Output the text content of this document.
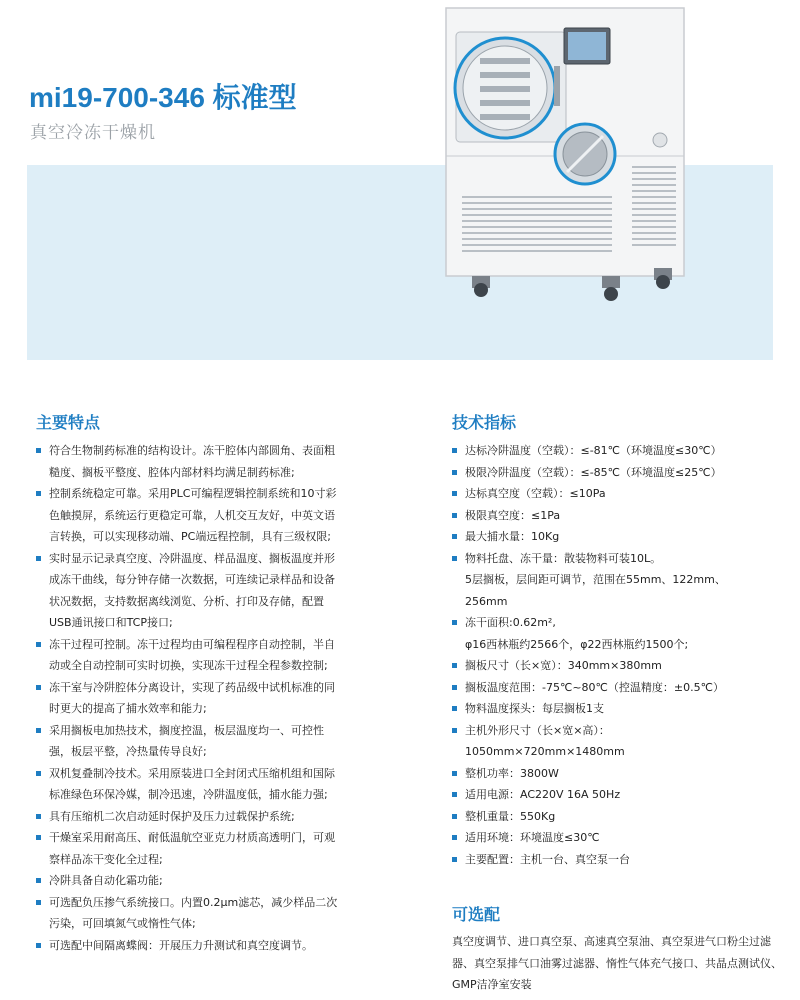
mi19-700-346 标准型
真空冷冻干燥机
主要特点
符合生物制药标准的结构设计。冻干腔体内部圆角、表面粗
糙度、搁板平整度、腔体内部材料均满足制药标准;
控制系统稳定可靠。采用PLC可编程逻辑控制系统和10寸彩
色触摸屏，系统运行更稳定可靠，人机交互友好，中英文语
言转换，可以实现移动端、PC端远程控制，具有三级权限;
实时显示记录真空度、冷阱温度、样品温度、搁板温度并形
成冻干曲线，每分钟存储一次数据，可连续记录样品和设备
状况数据，支持数据离线浏览、分析、打印及存储，配置
USB通讯接口和TCP接口;
冻干过程可控制。冻干过程均由可编程程序自动控制，半自
动或全自动控制可实时切换，实现冻干过程全程参数控制;
冻干室与冷阱腔体分离设计，实现了药品级中试机标准的同
时更大的提高了捕水效率和能力;
采用搁板电加热技术，搁度控温，板层温度均一、可控性
强，板层平整，冷热量传导良好;
双机复叠制冷技术。采用原装进口全封闭式压缩机组和国际
标准绿色环保冷媒，制冷迅速，冷阱温度低，捕水能力强;
具有压缩机二次启动延时保护及压力过载保护系统;
干燥室采用耐高压、耐低温航空亚克力材质高透明门，可观
察样品冻干变化全过程;
冷阱具备自动化霜功能;
可选配负压掺气系统接口。内置0.2μm滤芯，减少样品二次
污染，可回填氮气或惰性气体;
可选配中间隔离蝶阀：开展压力升测试和真空度调节。
技术指标
达标冷阱温度（空载）：≤-81℃（环境温度≤30℃）
极限冷阱温度（空载）：≤-85℃（环境温度≤25℃）
达标真空度（空载）：≤10Pa
极限真空度：≤1Pa
最大捕水量：10Kg
物料托盘、冻干量：散装物料可装10L。
5层搁板，层间距可调节，范围在55mm、122mm、
256mm
冻干面积:0.62m²,
φ16西林瓶约2566个，φ22西林瓶约1500个;
搁板尺寸（长×宽）：340mm×380mm
搁板温度范围：-75℃~80℃（控温精度：±0.5℃）
物料温度探头：每层搁板1支
主机外形尺寸（长×宽×高）：
1050mm×720mm×1480mm
整机功率：3800W
适用电源：AC220V 16A 50Hz
整机重量：550Kg
适用环境：环境温度≤30℃
主要配置：主机一台、真空泵一台
可选配
真空度调节、进口真空泵、高速真空泵油、真空泵进气口粉尘过滤器、真空泵排气口油雾过滤器、惰性气体充气接口、共晶点测试仪、GMP洁净室安装
